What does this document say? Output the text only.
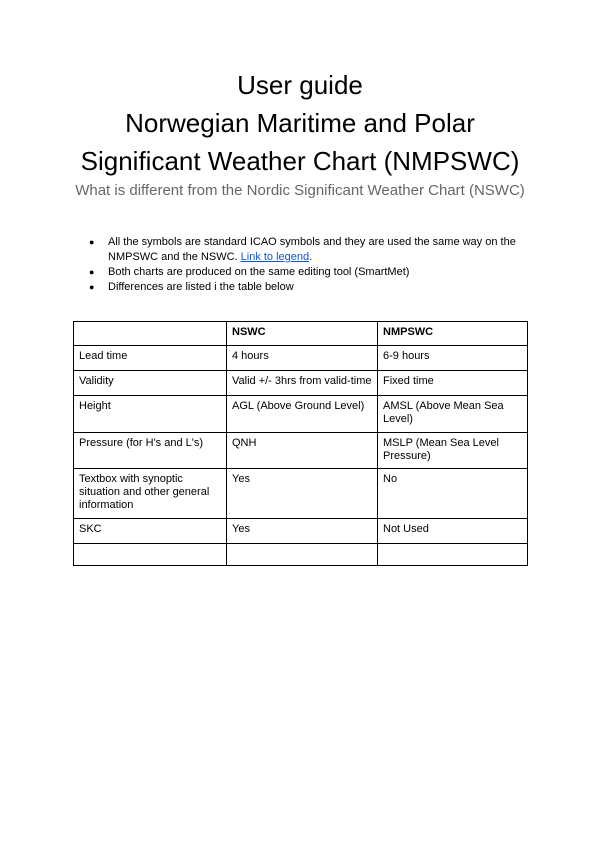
User guide
Norwegian Maritime and Polar
Significant Weather Chart (NMPSWC)
What is different from the Nordic Significant Weather Chart (NSWC)
● All the symbols are standard ICAO symbols and they are used the same way on the NMPSWC and the NSWC. Link to legend.
● Both charts are produced on the same editing tool (SmartMet)
● Differences are listed i the table below
	NSWC	NMPSWC
Lead time	4 hours	6-9 hours
Validity	Valid +/- 3hrs from valid-time	Fixed time
Height	AGL (Above Ground Level)	AMSL (Above Mean Sea Level)
Pressure (for H's and L's)	QNH	MSLP (Mean Sea Level Pressure)
Textbox with synoptic situation and other general information	Yes	No
SKC	Yes	Not Used
